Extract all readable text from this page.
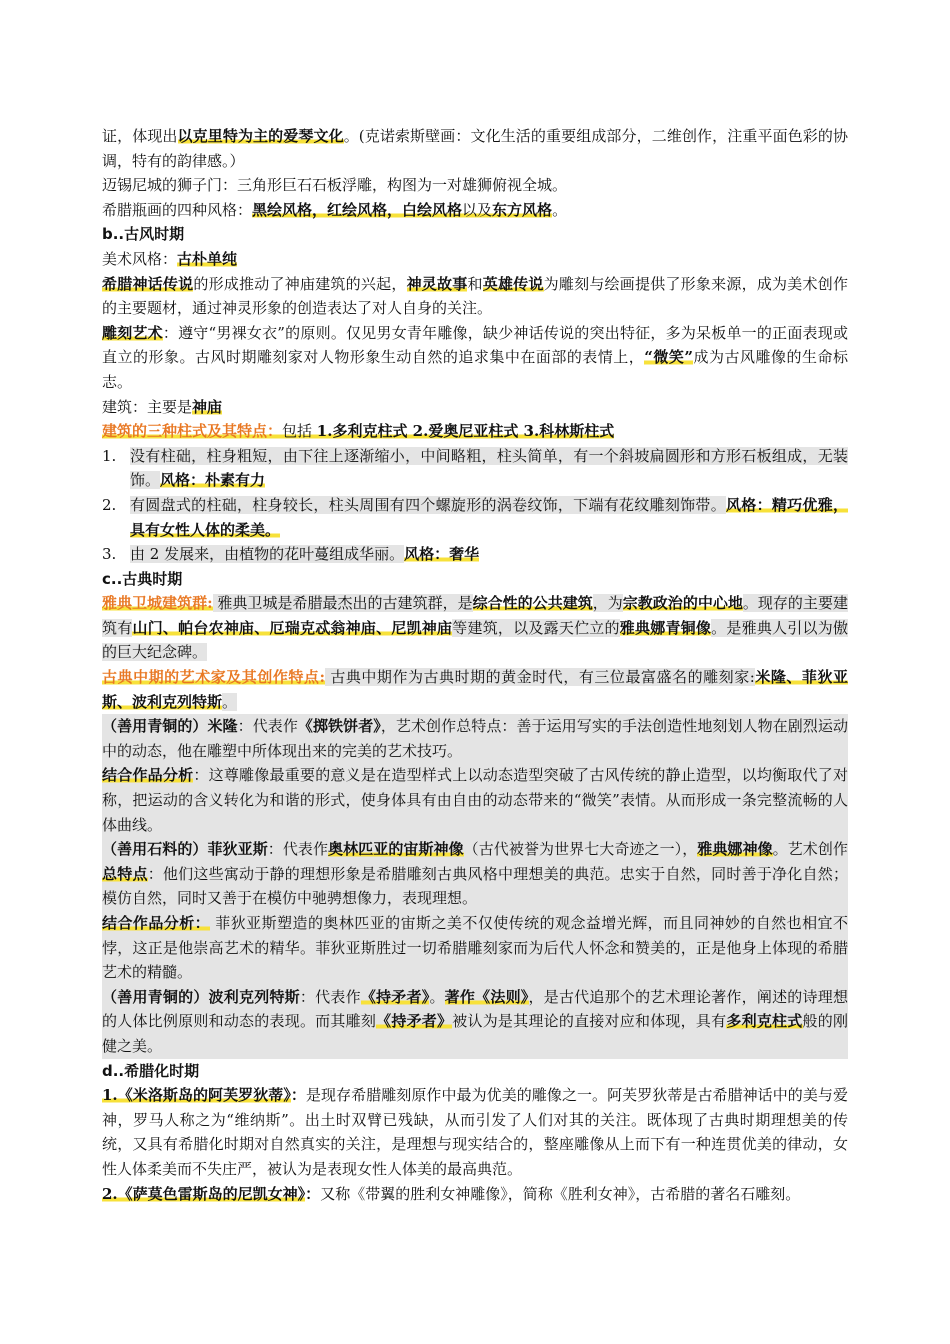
证，体现出以克里特为主的爱琴文化。(克诺索斯壁画：文化生活的重要组成部分，二维创作，注重平面色彩的协调，特有的韵律感。）

迈锡尼城的狮子门：三角形巨石石板浮雕，构图为一对雄狮俯视全城。

希腊瓶画的四种风格：黑绘风格，红绘风格，白绘风格以及东方风格。

b..古风时期

美术风格：古朴单纯

希腊神话传说的形成推动了神庙建筑的兴起，神灵故事和英雄传说为雕刻与绘画提供了形象来源，成为美术创作的主要题材，通过神灵形象的创造表达了对人自身的关注。

雕刻艺术：遵守“男裸女衣”的原则。仅见男女青年雕像，缺少神话传说的突出特征，多为呆板单一的正面表现或直立的形象。古风时期雕刻家对人物形象生动自然的追求集中在面部的表情上，“微笑”成为古风雕像的生命标志。

建筑：主要是神庙

建筑的三种柱式及其特点：包括 1.多利克柱式 2.爱奥尼亚柱式 3.科林斯柱式

1. 没有柱础，柱身粗短，由下往上逐渐缩小，中间略粗，柱头简单，有一个斜坡扁圆形和方形石板组成，无装饰。风格：朴素有力

2. 有圆盘式的柱础，柱身较长，柱头周围有四个螺旋形的涡卷纹饰，下端有花纹雕刻饰带。风格：精巧优雅，具有女性人体的柔美。

3. 由 2 发展来，由植物的花叶蔓组成华丽。风格：奢华

c..古典时期

雅典卫城建筑群: 雅典卫城是希腊最杰出的古建筑群，是综合性的公共建筑，为宗教政治的中心地。现存的主要建筑有山门、帕台农神庙、厄瑞克忒翁神庙、尼凯神庙等建筑，以及露天伫立的雅典娜青铜像。是雅典人引以为傲的巨大纪念碑。

古典中期的艺术家及其创作特点: 古典中期作为古典时期的黄金时代，有三位最富盛名的雕刻家:米隆、菲狄亚斯、波利克列特斯。

（善用青铜的）米隆：代表作《掷铁饼者》，艺术创作总特点：善于运用写实的手法创造性地刻划人物在剧烈运动中的动态，他在雕塑中所体现出来的完美的艺术技巧。

结合作品分析：这尊雕像最重要的意义是在造型样式上以动态造型突破了古风传统的静止造型，以均衡取代了对称，把运动的含义转化为和谐的形式，使身体具有由自由的动态带来的“微笑”表情。从而形成一条完整流畅的人体曲线。

（善用石料的）菲狄亚斯：代表作奥林匹亚的宙斯神像（古代被誉为世界七大奇迹之一），雅典娜神像。艺术创作总特点：他们这些寓动于静的理想形象是希腊雕刻古典风格中理想美的典范。忠实于自然，同时善于净化自然；模仿自然，同时又善于在模仿中驰骋想像力，表现理想。

结合作品分析： 菲狄亚斯塑造的奥林匹亚的宙斯之美不仅使传统的观念益增光辉，而且同神妙的自然也相宜不悖，这正是他崇高艺术的精华。菲狄亚斯胜过一切希腊雕刻家而为后代人怀念和赞美的，正是他身上体现的希腊艺术的精髓。

（善用青铜的）波利克列特斯：代表作《持矛者》。著作《法则》，是古代追那个的艺术理论著作，阐述的诗理想的人体比例原则和动态的表现。而其雕刻《持矛者》被认为是其理论的直接对应和体现，具有多利克柱式般的刚健之美。

d..希腊化时期

1.《米洛斯岛的阿芙罗狄蒂》：是现存希腊雕刻原作中最为优美的雕像之一。阿芙罗狄蒂是古希腊神话中的美与爱神，罗马人称之为“维纳斯”。出土时双臂已残缺，从而引发了人们对其的关注。既体现了古典时期理想美的传统，又具有希腊化时期对自然真实的关注，是理想与现实结合的，整座雕像从上而下有一种连贯优美的律动，女性人体柔美而不失庄严，被认为是表现女性人体美的最高典范。

2.《萨莫色雷斯岛的尼凯女神》：又称《带翼的胜利女神雕像》，简称《胜利女神》，古希腊的著名石雕刻。
